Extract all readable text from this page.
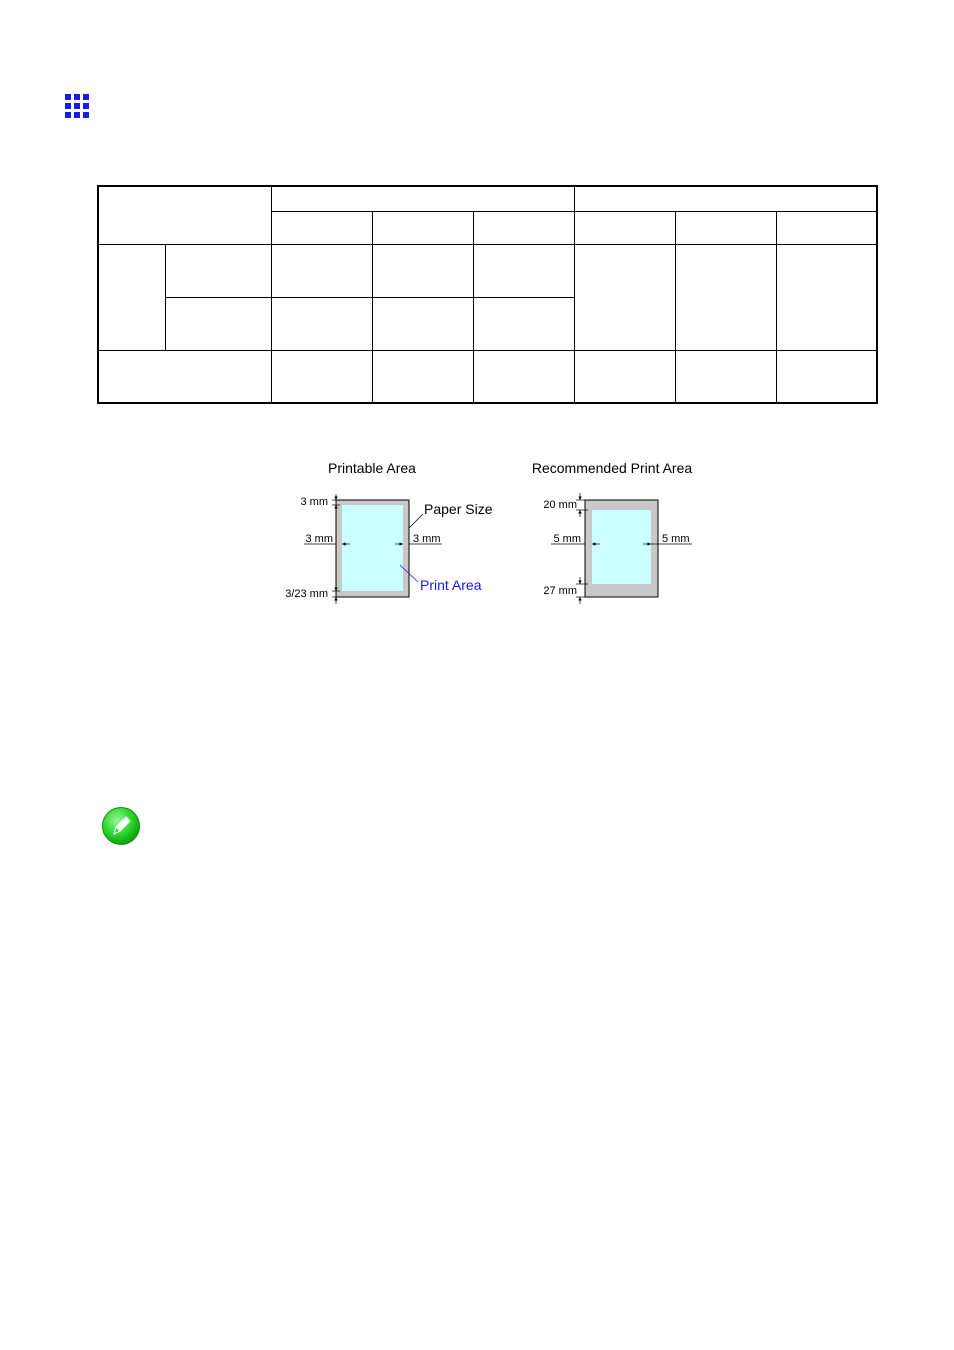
Printable Area
3 mm
3 mm	3 mm
3/23 mm
Paper Size
Print Area
Recommended Print Area
20 mm
5 mm	5 mm
27 mm
